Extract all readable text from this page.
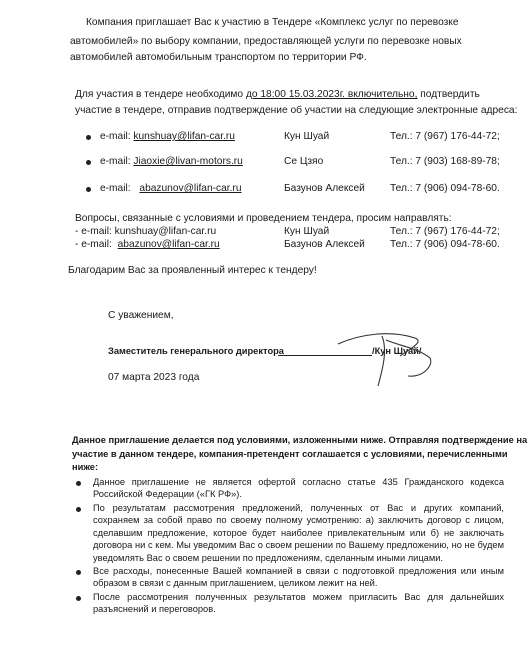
Компания приглашает Вас к участию в Тендере «Комплекс услуг по перевозке
автомобилей» по выбору компании, предоставляющей услуги по перевозке новых
автомобилей автомобильным транспортом по территории РФ.
Для участия в тендере необходимо до 18:00 15.03.2023г. включительно, подтвердить
участие в тендере, отправив подтверждение об участии на следующие электронные адреса:
e-mail: kunshuay@lifan-car.ru	Кун Шуай	Тел.: 7 (967) 176-44-72;
e-mail: Jiaoxie@livan-motors.ru	Се Цзяо	Тел.: 7 (903) 168-89-78;
e-mail: abazunov@lifan-car.ru	Базунов Алексей Тел.: 7 (906) 094-78-60.
Вопросы, связанные с условиями и проведением тендера, просим направлять:
- e-mail: kunshuay@lifan-car.ru	Кун Шуай	Тел.: 7 (967) 176-44-72;
- e-mail: abazunov@lifan-car.ru	Базунов Алексей Тел.: 7 (906) 094-78-60.
Благодарим Вас за проявленный интерес к тендеру!
С уважением,
Заместитель генерального директора	/Кун Шуай/
07 марта 2023 года
Данное приглашение делается под условиями, изложенными ниже. Отправляя подтверждение на
участие в данном тендере, компания-претендент соглашается с условиями, перечисленными
ниже:
Данное приглашение не является офертой согласно статье 435 Гражданского кодекса Российской Федерации («ГК РФ»).
По результатам рассмотрения предложений, полученных от Вас и других компаний, сохраняем за собой право по своему полному усмотрению: а) заключить договор с лицом, сделавшим предложение, которое будет наиболее привлекательным или б) не заключать договора ни с кем. Мы уведомим Вас о своем решении по Вашему предложению, но не будем уведомлять Вас о своем решении по предложениям, сделанным иными лицами.
Все расходы, понесенные Вашей компанией в связи с подготовкой предложения или иным образом в связи с данным приглашением, целиком лежит на ней.
После рассмотрения полученных результатов можем пригласить Вас для дальнейших разъяснений и переговоров.
